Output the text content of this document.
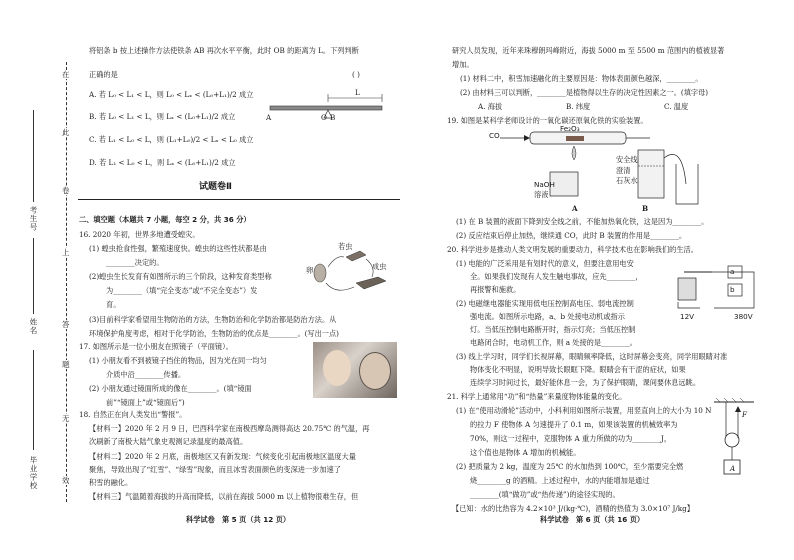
在
此
卷
上
答
题
无
效
考生号
姓名
毕业学校
将铝条 b 按上述操作方法使铁条 AB 再次水平平衡，此时 OB 的距离为 L。下列判断
正确的是	( )
A. 若 L₀ < L₁ < L，则 L₀ < Lₓ < (L₀+L₁)/2 成立
B. 若 L₀ < L₁ < L，则 Lₓ < (L₀+L₁)/2 成立
C. 若 L₁ < L₀ < L，则 (L₁+L₀)/2 < Lₓ < L₀ 成立
D. 若 L₁ < L₀ < L，则 Lₓ < (L₀+L₁)/2 成立
A	O B
L
试题卷Ⅱ
二、填空题（本题共 7 小题，每空 2 分，共 36 分）
16. 2020 年初，世界多地遭受蝗灾。
(1) 蝗虫抢食性强，繁殖速度快。蝗虫的这些性状都是由
________决定的。
(2)蝗虫生长发育有如图所示的三个阶段，这种发育类型称
为________（填“完全变态”或“不完全变态”）发
育。
(3)目前科学家希望用生物防治的方法，生物防治和化学防治都是防治方法。从
环境保护角度考虑，相对于化学防治，生物防治的优点是________。(写出一点)
卵
若虫
成虫
17. 如图所示是一位小朋友在照镜子（平面镜）。
(1) 小朋友看不到被镜子挡住的物品，因为光在同一均匀
介质中沿________传播。
(2) 小朋友通过镜面所成的像在________。(填“镜面
前”“镜面上”或“镜面后”)
18. 自然正在向人类发出“警报”。
【材料一】2020 年 2 月 9 日，巴西科学家在南极西摩岛测得高达 20.75℃ 的气温，再
次刷新了南极大陆气象史观测记录温度的最高值。
【材料二】2020 年 2 月底，南极地区又有新发现：气候变化引起南极地区温度大量
聚焦，导致出现了“红雪”、“绿雪”现象，而且冰雪表面颜色的变深进一步加速了
积雪的融化。
【材料三】气温随着海拔的升高而降低，以前在海拔 5000 m 以上植物很难生存，但
科学试卷　第 5 页（共 12 页）
研究人员发现，近年来珠穆朗玛峰附近，海拔 5000 m 至 5500 m 范围内的植被显著
增加。
(1) 材料二中，积雪加速融化的主要原因是：物体表面颜色越深，________。
(2) 由材料三可以判断，________是植物得以生存的决定性因素之一。(填字母)
A. 海拔	B. 纬度	C. 温度
19. 如图是某科学老师设计的一氧化碳还原氧化铁的实验装置。
CO
Fe₂O₃
安全线
澄清
石灰水
NaOH
溶液
A	B
(1) 在 B 装置的液面下降到安全线之前，不能加热氧化铁，这是因为________。
(2) 反应结束后停止加热，继续通 CO，此时 B 装置的作用是________。
20. 科学进步是推动人类文明发展的重要动力，科学技术也在影响我们的生活。
(1) 电能的广泛采用是有划时代的意义，但要注意用电安
全。如果我们发现有人发生触电事故，应先________，
再报警和施救。
(2) 电磁继电器能实现用低电压控制高电压、弱电流控制
强电流。如图所示电路，a、b 处接电动机或指示
灯。当低压控制电路断开时，指示灯亮；当低压控制
电路闭合时，电动机工作，则 a 处接的是________。
(3) 线上学习时，同学们长视屏幕，眼睛频率降低，这时屏幕会变亮，同学用眼睛对准
物体变化不明显，说明导致长眼眶下降。眼睛会有干涩的症状，如果
连续学习时间过长，最好能休息一会，为了保护眼睛，课间要休息远眺。
a
b
12V	380V
21. 科学上通常用“功”和“热量”来量度物体能量的变化。
(1) 在“使用动滑轮”活动中，小科利用如图所示装置，用竖直向上的大小为 10 N
的拉力 F 使物体 A 匀速提升了 0.1 m，如果该装置的机械效率为
70%，则这一过程中，克服物体 A 重力所做的功为________J，
这个值也是物体 A 增加的机械能。
(2) 把质量为 2 kg，温度为 25℃ 的水加热到 100℃，至少需要完全燃
烧________g 的酒精。上述过程中，水的内能增加是通过
________(填“做功”或“热传递”)的途径实现的。
【已知：水的比热容为 4.2×10³ J/(kg·℃)，酒精的热值为 3.0×10⁷ J/kg】
F
A
科学试卷　第 6 页（共 16 页）
